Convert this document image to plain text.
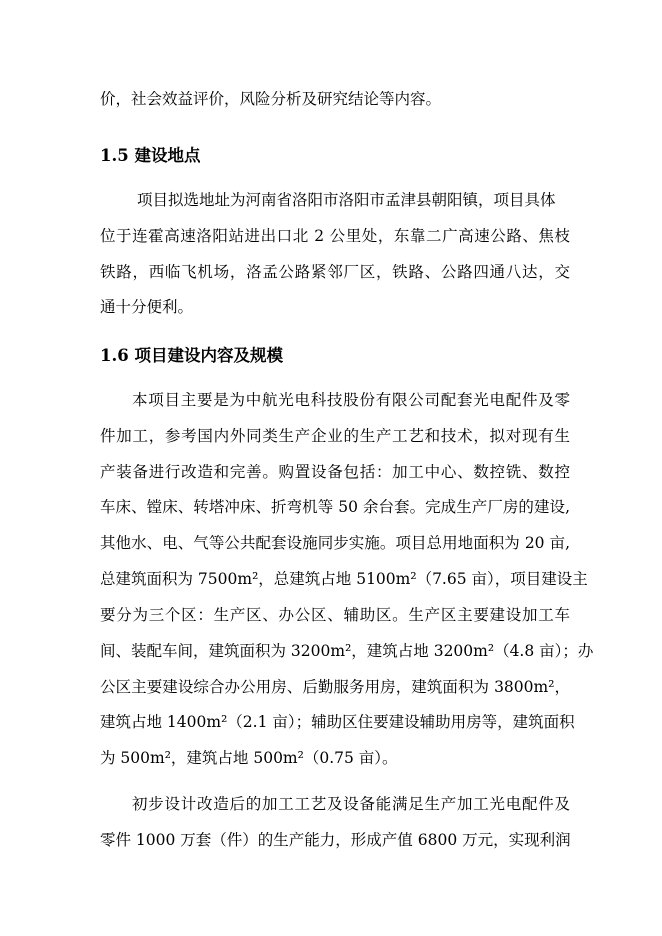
价，社会效益评价，风险分析及研究结论等内容。
1.5 建设地点
项目拟选地址为河南省洛阳市洛阳市孟津县朝阳镇，项目具体
位于连霍高速洛阳站进出口北 2 公里处，东靠二广高速公路、焦枝
铁路，西临飞机场，洛孟公路紧邻厂区，铁路、公路四通八达，交
通十分便利。
1.6 项目建设内容及规模
本项目主要是为中航光电科技股份有限公司配套光电配件及零
件加工，参考国内外同类生产企业的生产工艺和技术，拟对现有生
产装备进行改造和完善。购置设备包括：加工中心、数控铣、数控
车床、镗床、转塔冲床、折弯机等 50 余台套。完成生产厂房的建设,
其他水、电、气等公共配套设施同步实施。项目总用地面积为 20 亩,
总建筑面积为 7500m²，总建筑占地 5100m²（7.65 亩），项目建设主
要分为三个区：生产区、办公区、辅助区。生产区主要建设加工车
间、装配车间，建筑面积为 3200m²，建筑占地 3200m²（4.8 亩）；办
公区主要建设综合办公用房、后勤服务用房，建筑面积为 3800m²，
建筑占地 1400m²（2.1 亩）；辅助区住要建设辅助用房等，建筑面积
为 500m²，建筑占地 500m²（0.75 亩）。
初步设计改造后的加工工艺及设备能满足生产加工光电配件及
零件 1000 万套（件）的生产能力，形成产值 6800 万元，实现利润
